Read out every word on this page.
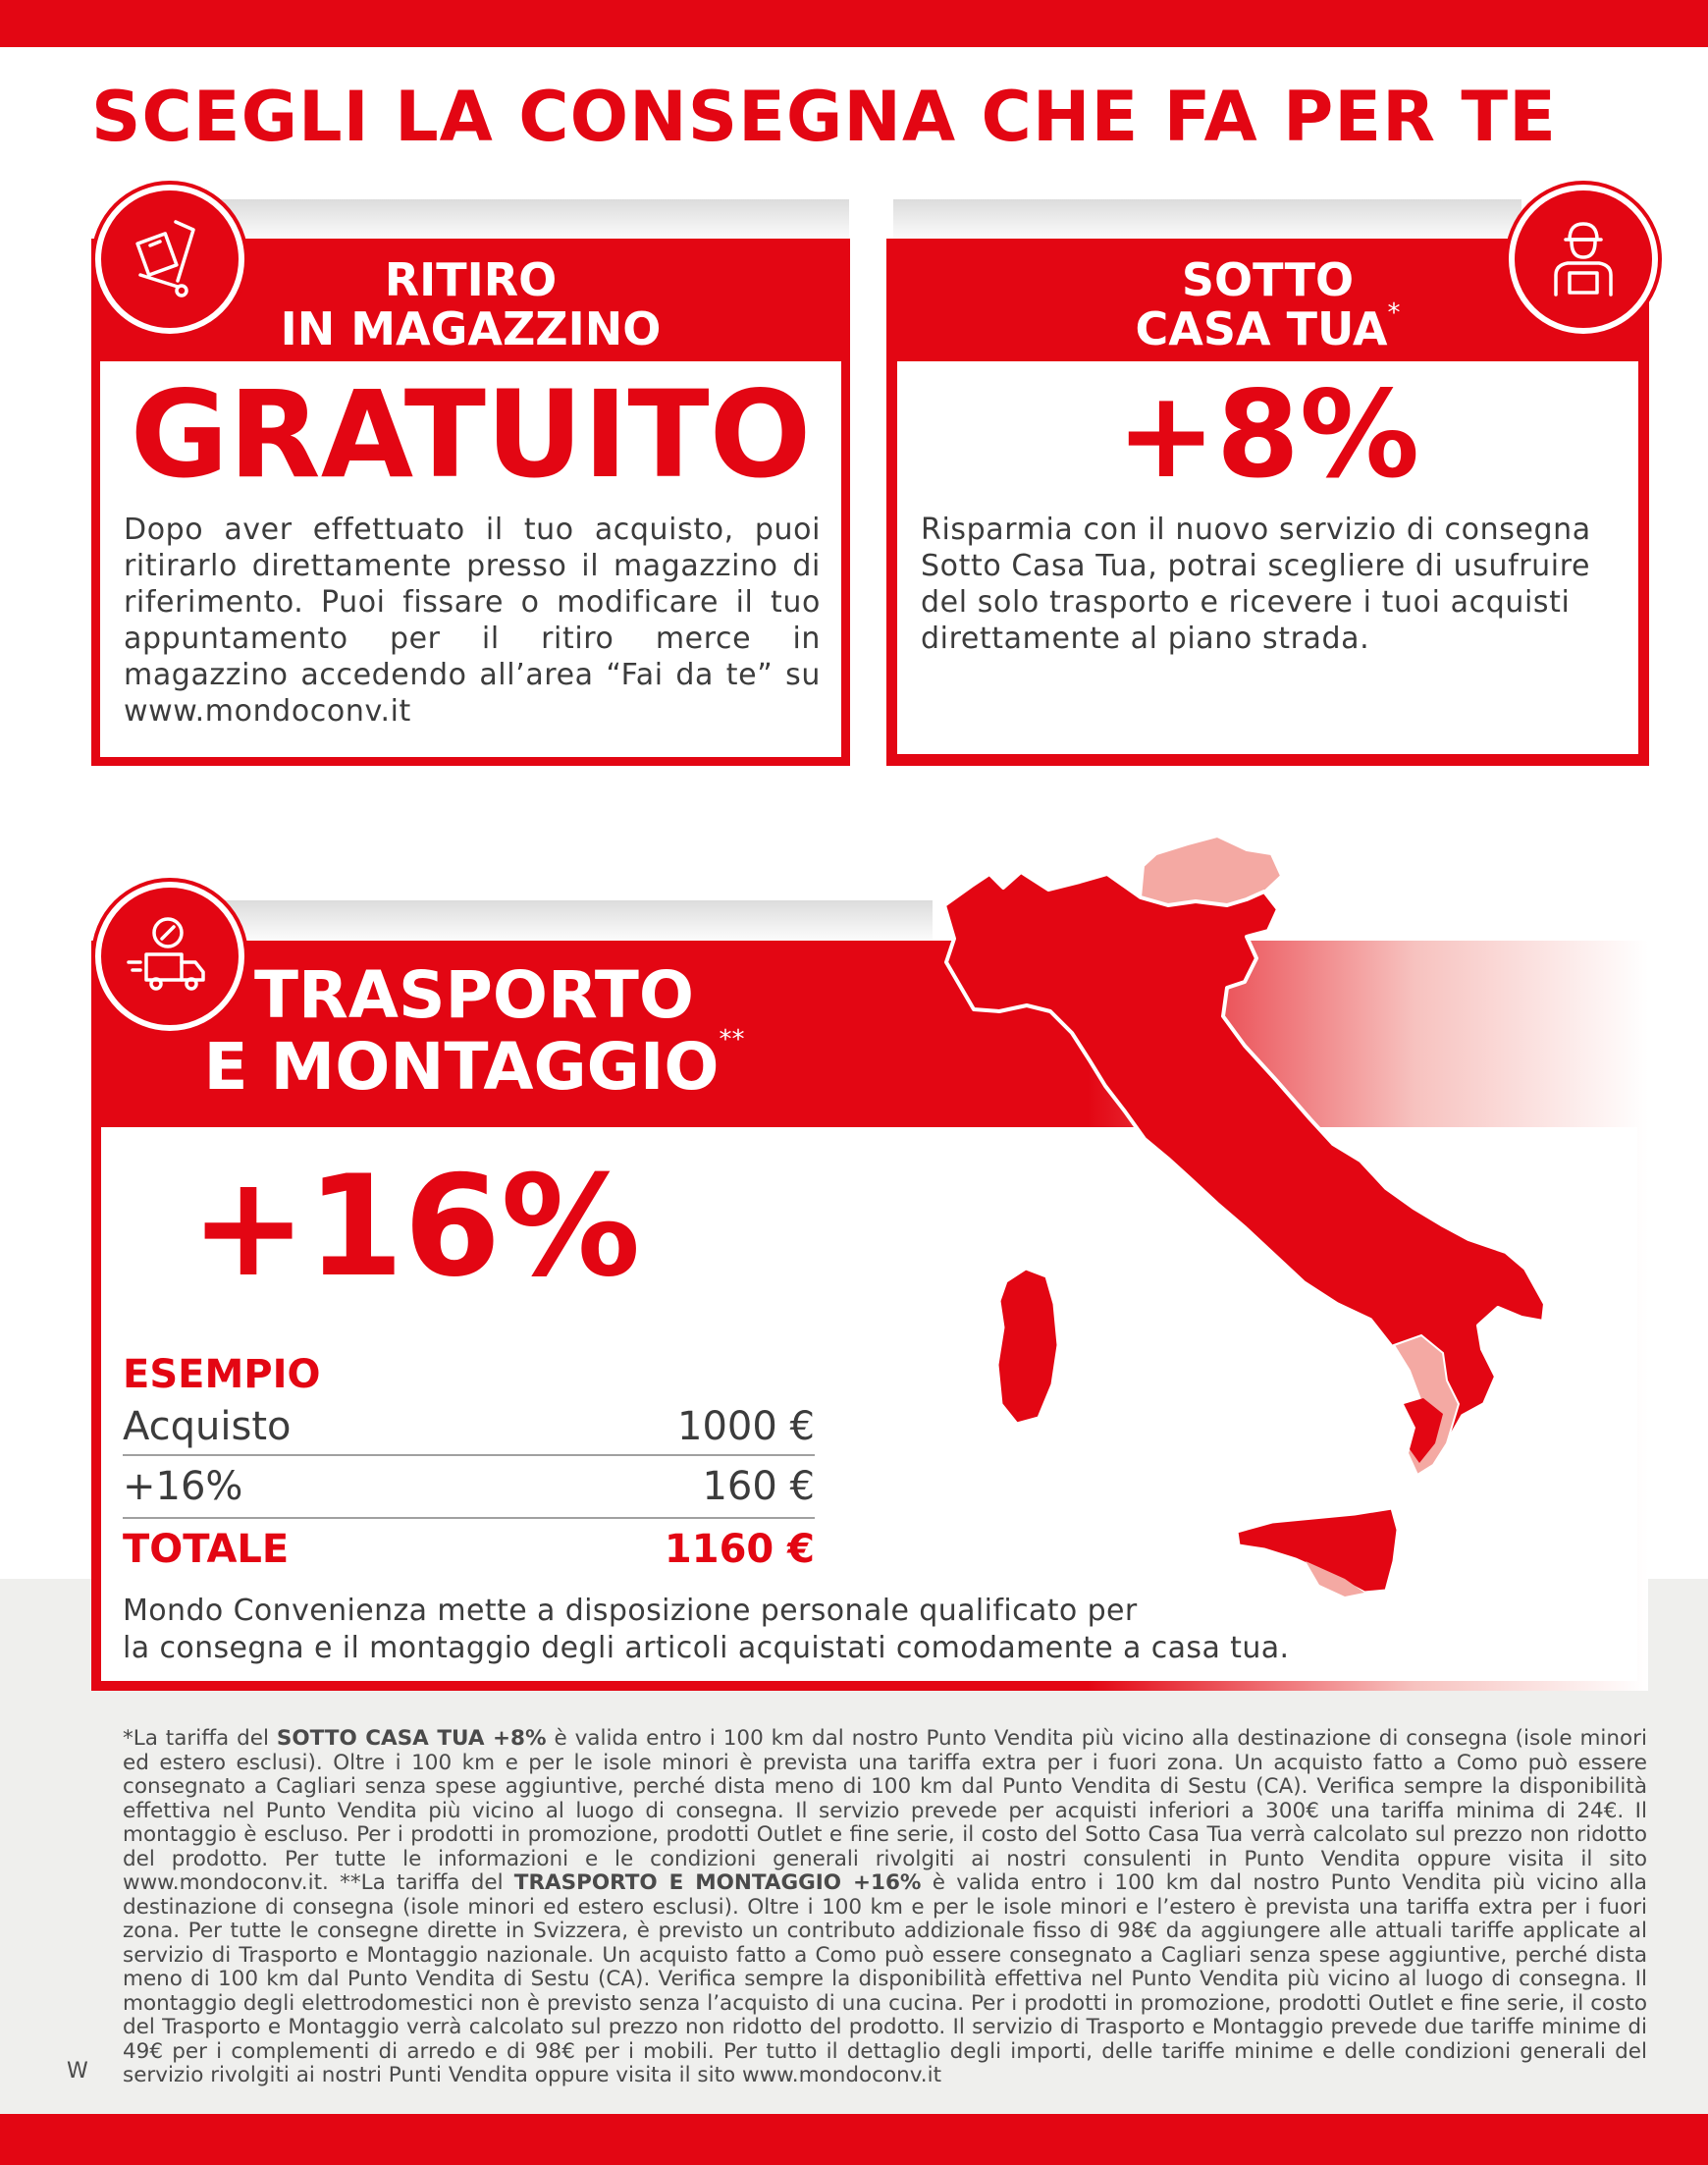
SCEGLI LA CONSEGNA CHE FA PER TE
RITIRO
IN MAGAZZINO
GRATUITO
Dopo aver effettuato il tuo acquisto, puoi ritirarlo direttamente presso il magazzino di riferimento. Puoi fissare o modificare il tuo appuntamento per il ritiro merce in magazzino accedendo all’area “Fai da te” su www.mondoconv.it
SOTTO
CASA TUA*
+8%
Risparmia con il nuovo servizio di consegna Sotto Casa Tua, potrai scegliere di usufruire del solo trasporto e ricevere i tuoi acquisti direttamente al piano strada.
TRASPORTO
E MONTAGGIO**
+16%
ESEMPIO
Acquisto	1000 €
+16%	160 €
TOTALE	1160 €
Mondo Convenienza mette a disposizione personale qualificato per
la consegna e il montaggio degli articoli acquistati comodamente a casa tua.
*La tariffa del SOTTO CASA TUA +8% è valida entro i 100 km dal nostro Punto Vendita più vicino alla destinazione di consegna (isole minori ed estero esclusi). Oltre i 100 km e per le isole minori è prevista una tariffa extra per i fuori zona. Un acquisto fatto a Como può essere consegnato a Cagliari senza spese aggiuntive, perché dista meno di 100 km dal Punto Vendita di Sestu (CA). Verifica sempre la disponibilità effettiva nel Punto Vendita più vicino al luogo di consegna. Il servizio prevede per acquisti inferiori a 300€ una tariffa minima di 24€. Il montaggio è escluso. Per i prodotti in promozione, prodotti Outlet e fine serie, il costo del Sotto Casa Tua verrà calcolato sul prezzo non ridotto del prodotto. Per tutte le informazioni e le condizioni generali rivolgiti ai nostri consulenti in Punto Vendita oppure visita il sito www.mondoconv.it. **La tariffa del TRASPORTO E MONTAGGIO +16% è valida entro i 100 km dal nostro Punto Vendita più vicino alla destinazione di consegna (isole minori ed estero esclusi). Oltre i 100 km e per le isole minori e l’estero è prevista una tariffa extra per i fuori zona. Per tutte le consegne dirette in Svizzera, è previsto un contributo addizionale fisso di 98€ da aggiungere alle attuali tariffe applicate al servizio di Trasporto e Montaggio nazionale. Un acquisto fatto a Como può essere consegnato a Cagliari senza spese aggiuntive, perché dista meno di 100 km dal Punto Vendita di Sestu (CA). Verifica sempre la disponibilità effettiva nel Punto Vendita più vicino al luogo di consegna. Il montaggio degli elettrodomestici non è previsto senza l’acquisto di una cucina. Per i prodotti in promozione, prodotti Outlet e fine serie, il costo del Trasporto e Montaggio verrà calcolato sul prezzo non ridotto del prodotto. Il servizio di Trasporto e Montaggio prevede due tariffe minime di 49€ per i complementi di arredo e di 98€ per i mobili. Per tutto il dettaglio degli importi, delle tariffe minime e delle condizioni generali del servizio rivolgiti ai nostri Punti Vendita oppure visita il sito www.mondoconv.it
W
